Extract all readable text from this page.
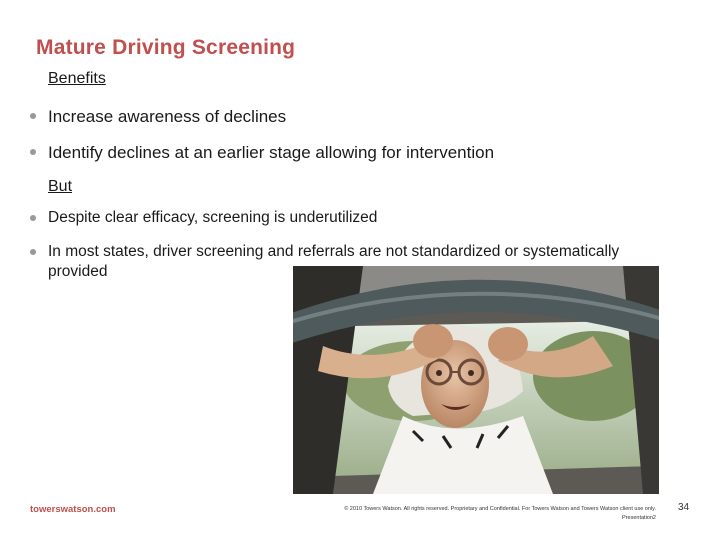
Mature Driving Screening
Benefits
Increase awareness of declines
Identify declines at an earlier stage allowing for intervention
But
Despite clear efficacy, screening is underutilized
In most states, driver screening and referrals are not standardized or systematically provided
towerswatson.com	© 2010 Towers Watson. All rights reserved. Proprietary and Confidential. For Towers Watson and Towers Watson client use only.
Presentation2
34
